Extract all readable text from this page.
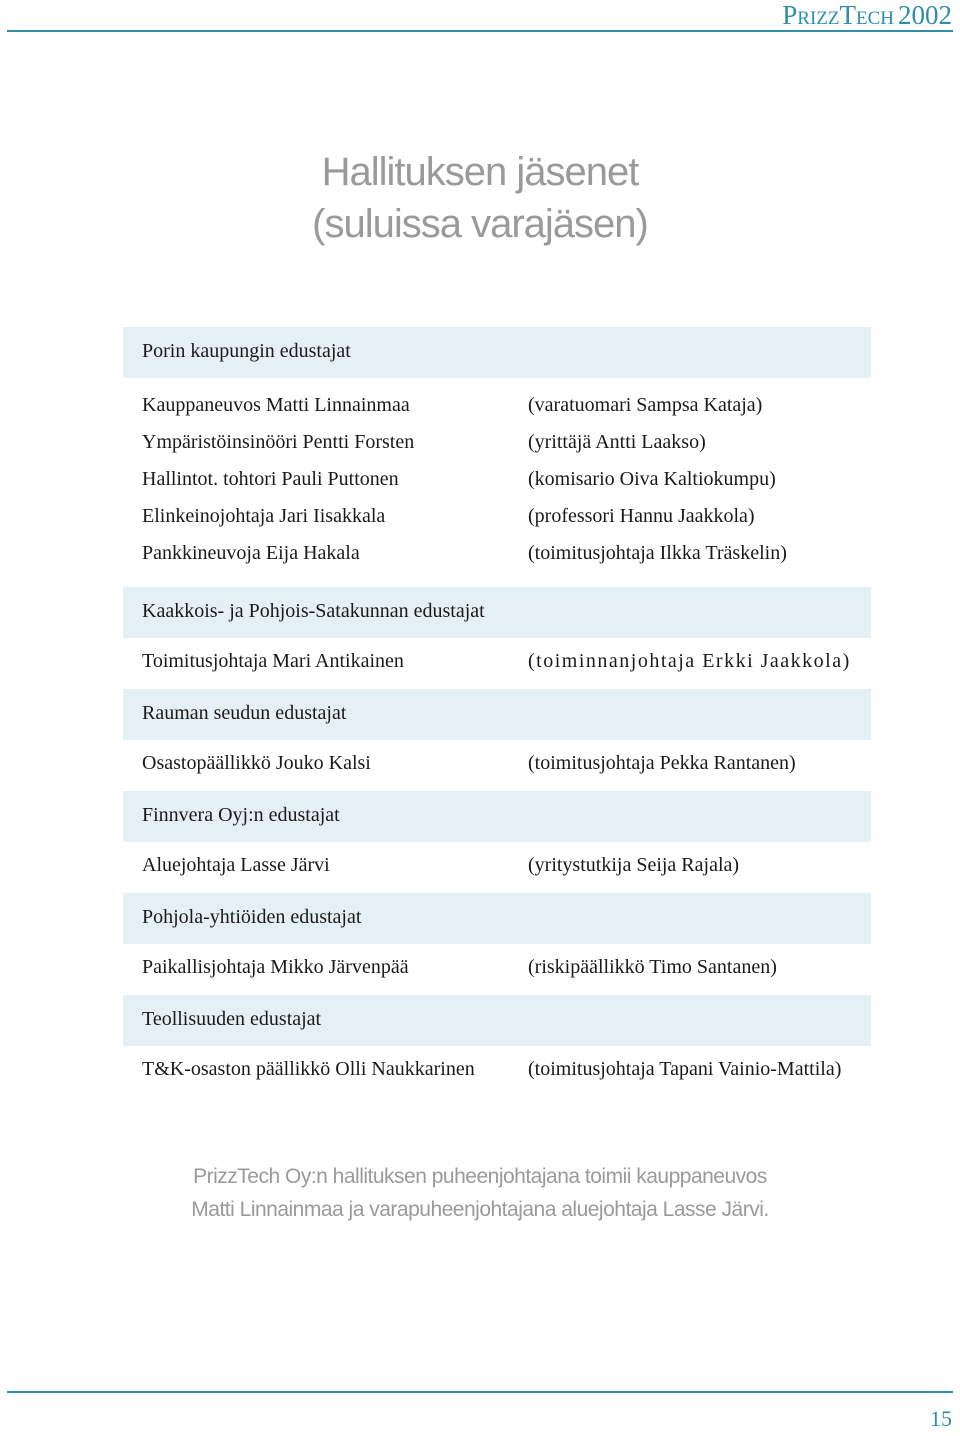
PrizzTech 2002
Hallituksen jäsenet
(suluissa varajäsen)
Porin kaupungin edustajat
Kauppaneuvos Matti Linnainmaa	(varatuomari Sampsa Kataja)
Ympäristöinsinööri Pentti Forsten	(yrittäjä Antti Laakso)
Hallintot. tohtori Pauli Puttonen	(komisario Oiva Kaltiokumpu)
Elinkeinojohtaja Jari Iisakkala	(professori Hannu Jaakkola)
Pankkineuvoja Eija Hakala	(toimitusjohtaja Ilkka Träskelin)
Kaakkois- ja Pohjois-Satakunnan edustajat
Toimitusjohtaja Mari Antikainen	(toiminnanjohtaja Erkki Jaakkola)
Rauman seudun edustajat
Osastopäällikkö Jouko Kalsi	(toimitusjohtaja Pekka Rantanen)
Finnvera Oyj:n edustajat
Aluejohtaja Lasse Järvi	(yritystutkija Seija Rajala)
Pohjola-yhtiöiden edustajat
Paikallisjohtaja Mikko Järvenpää	(riskipäällikkö Timo Santanen)
Teollisuuden edustajat
T&K-osaston päällikkö Olli Naukkarinen	(toimitusjohtaja Tapani Vainio-Mattila)
PrizzTech Oy:n hallituksen puheenjohtajana toimii kauppaneuvos
Matti Linnainmaa ja varapuheenjohtajana aluejohtaja Lasse Järvi.
15
